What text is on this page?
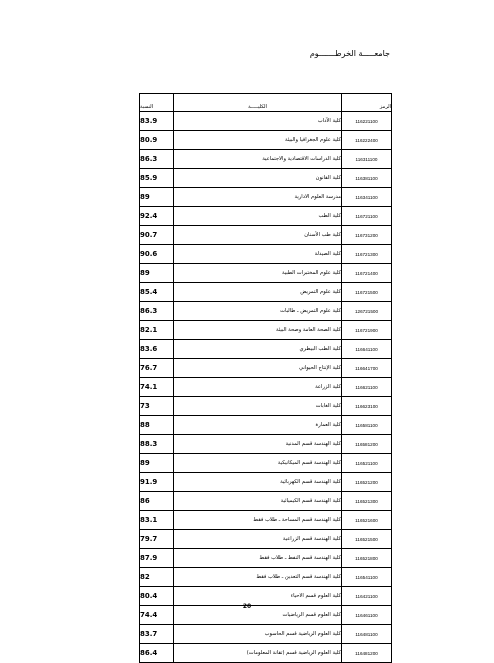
جامعـــــة الخرطـــــــوم
النسبة	الكليـــــة	الرمز
83.9	كلية الآداب	116221100
80.9	كلية علوم الجغرافيا والبيئة	116222400
86.3	كلية الدراسات الاقتصادية والاجتماعية	116311100
85.9	كلية القانون	116381100
89	مدرسة العلوم الادارية	116341100
92.4	كلية الطب	116721100
90.7	كلية طب الأسنان	116731200
90.6	كلية الصيدلة	116721300
89	كلية علوم المختبرات الطبية	116721400
85.4	كلية علوم التمريض	116721500
86.3	كلية علوم التمريض ـ طالبات	126721500
82.1	كلية الصحة العامة وصحة البيئة	116721900
83.6	كلية الطب البيطري	116641100
76.7	كلية الإنتاج الحيواني	116641700
74.1	كلية الزراعة	116621100
73	كلية الغابات	116623100
88	كلية العمارة	116581100
88.3	كلية الهندسة قسم المدنية	116581200
89	كلية الهندسة قسم الميكانيكية	116521100
91.9	كلية الهندسة قسم الكهربائية	116521200
86	كلية الهندسة قسم الكيميائية	116521300
83.1	كلية الهندسة قسم المساحة ـ طلاب فقط	116521600
79.7	كلية الهندسة قسم الزراعية	116521500
87.9	كلية الهندسة قسم النفط ـ طلاب فقط	116521800
82	كلية الهندسة قسم التعدين ـ طلاب فقط	116541100
80.4	كلية العلوم قسم الاحياء	116421100
74.4	كلية العلوم قسم الرياضيات	116461100
83.7	كلية العلوم الرياضية قسم الحاسوب	116481100
86.4	كلية العلوم الرياضية قسم (تقانة المعلومات)	116481200
20
